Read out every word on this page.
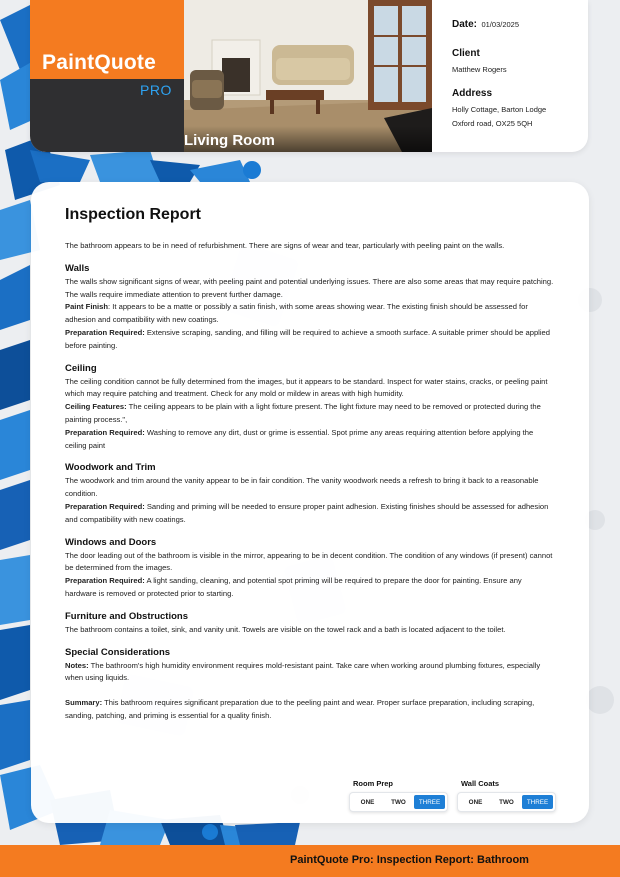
PaintQuote
PRO
Living Room
Date: 01/03/2025
Client
Matthew Rogers
Address
Holly Cottage, Barton Lodge
Oxford road, OX25 5QH
Inspection Report

The bathroom appears to be in need of refurbishment. There are signs of wear and tear, particularly with peeling paint on the walls.

Walls

The walls show significant signs of wear, with peeling paint and potential underlying issues. There are also some areas that may require patching. The walls require immediate attention to prevent further damage.

Paint Finish: It appears to be a matte or possibly a satin finish, with some areas showing wear. The existing finish should be assessed for adhesion and compatibility with new coatings.

Preparation Required: Extensive scraping, sanding, and filling will be required to achieve a smooth surface. A suitable primer should be applied before painting.

Ceiling

The ceiling condition cannot be fully determined from the images, but it appears to be standard. Inspect for water stains, cracks, or peeling paint which may require patching and treatment. Check for any mold or mildew in areas with high humidity.

Ceiling Features: The ceiling appears to be plain with a light fixture present. The light fixture may need to be removed or protected during the painting process.",

Preparation Required: Washing to remove any dirt, dust or grime is essential. Spot prime any areas requiring attention before applying the ceiling paint

Woodwork and Trim

The woodwork and trim around the vanity appear to be in fair condition. The vanity woodwork needs a refresh to bring it back to a reasonable condition.

Preparation Required: Sanding and priming will be needed to ensure proper paint adhesion. Existing finishes should be assessed for adhesion and compatibility with new coatings.

Windows and Doors

The door leading out of the bathroom is visible in the mirror, appearing to be in decent condition. The condition of any windows (if present) cannot be determined from the images.

Preparation Required: A light sanding, cleaning, and potential spot priming will be required to prepare the door for painting. Ensure any hardware is removed or protected prior to starting.

Furniture and Obstructions

The bathroom contains a toilet, sink, and vanity unit. Towels are visible on the towel rack and a bath is located adjacent to the toilet.

Special Considerations

Notes: The bathroom's high humidity environment requires mold-resistant paint. Take care when working around plumbing fixtures, especially when using liquids.

Summary: This bathroom requires significant preparation due to the peeling paint and wear. Proper surface preparation, including scraping, sanding, patching, and priming is essential for a quality finish.

Room Prep
ONE	TWO	THREE
Wall Coats
ONE	TWO	THREE
PaintQuote Pro: Inspection Report: Bathroom
